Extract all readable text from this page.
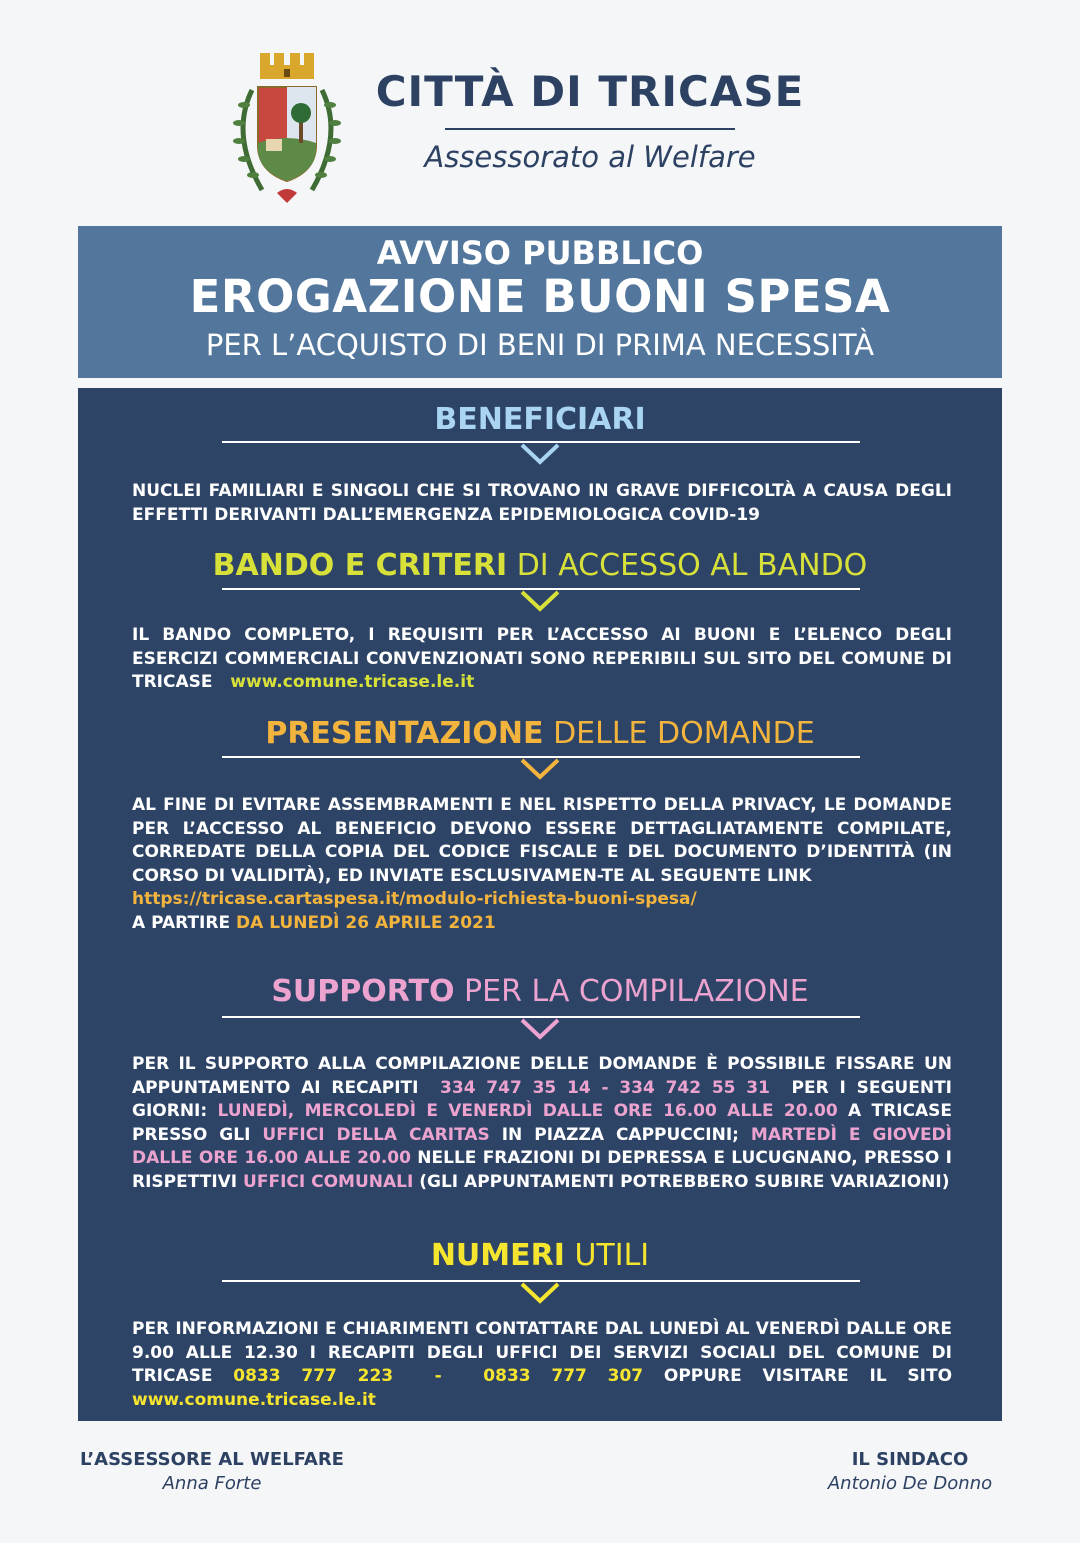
CITTÀ DI TRICASE
Assessorato al Welfare
AVVISO PUBBLICO
EROGAZIONE BUONI SPESA
PER L’ACQUISTO DI BENI DI PRIMA NECESSITÀ
BENEFICIARI
NUCLEI FAMILIARI E SINGOLI CHE SI TROVANO IN GRAVE DIFFICOLTÀ A CAUSA DEGLI EFFETTI DERIVANTI DALL’EMERGENZA EPIDEMIOLOGICA COVID-19
BANDO E CRITERI DI ACCESSO AL BANDO
IL BANDO COMPLETO, I REQUISITI PER L’ACCESSO AI BUONI E L’ELENCO DEGLI ESERCIZI COMMERCIALI CONVENZIONATI SONO REPERIBILI SUL SITO DEL COMUNE DI TRICASE www.comune.tricase.le.it
PRESENTAZIONE DELLE DOMANDE
AL FINE DI EVITARE ASSEMBRAMENTI E NEL RISPETTO DELLA PRIVACY, LE DOMANDE PER L’ACCESSO AL BENEFICIO DEVONO ESSERE DETTAGLIATAMENTE COMPILATE, CORREDATE DELLA COPIA DEL CODICE FISCALE E DEL DOCUMENTO D’IDENTITÀ (IN CORSO DI VALIDITÀ), ED INVIATE ESCLUSIVAMEN-TE AL SEGUENTE LINK
https://tricase.cartaspesa.it/modulo-richiesta-buoni-spesa/
A PARTIRE DA LUNEDÌ 26 APRILE 2021
SUPPORTO PER LA COMPILAZIONE
PER IL SUPPORTO ALLA COMPILAZIONE DELLE DOMANDE È POSSIBILE FISSARE UN APPUNTAMENTO AI RECAPITI 334 747 35 14 - 334 742 55 31 PER I SEGUENTI GIORNI: LUNEDÌ, MERCOLEDÌ E VENERDÌ DALLE ORE 16.00 ALLE 20.00 A TRICASE PRESSO GLI UFFICI DELLA CARITAS IN PIAZZA CAPPUCCINI; MARTEDÌ E GIOVEDÌ DALLE ORE 16.00 ALLE 20.00 NELLE FRAZIONI DI DEPRESSA E LUCUGNANO, PRESSO I RISPETTIVI UFFICI COMUNALI (GLI APPUNTAMENTI POTREBBERO SUBIRE VARIAZIONI)
NUMERI UTILI
PER INFORMAZIONI E CHIARIMENTI CONTATTARE DAL LUNEDÌ AL VENERDÌ DALLE ORE 9.00 ALLE 12.30 I RECAPITI DEGLI UFFICI DEI SERVIZI SOCIALI DEL COMUNE DI TRICASE 0833 777 223 - 0833 777 307 OPPURE VISITARE IL SITO www.comune.tricase.le.it
L’ASSESSORE AL WELFARE
Anna Forte
IL SINDACO
Antonio De Donno
